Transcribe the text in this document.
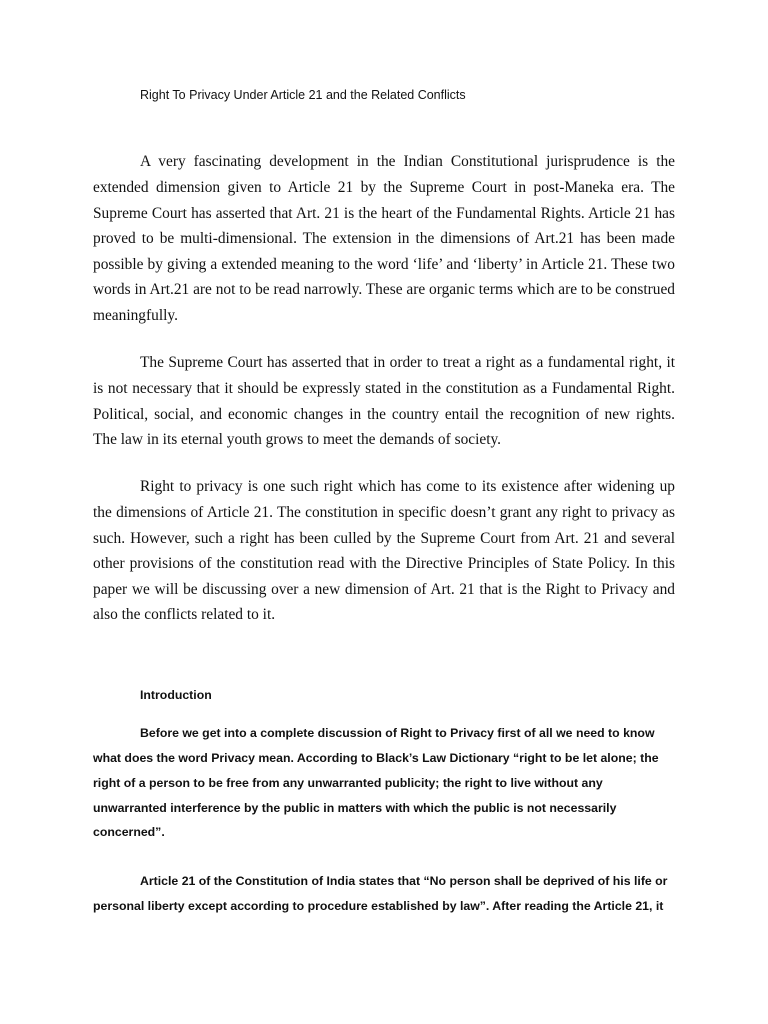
Right To Privacy Under Article 21 and the Related Conflicts

A very fascinating development in the Indian Constitutional jurisprudence is the extended dimension given to Article 21 by the Supreme Court in post-Maneka era. The Supreme Court has asserted that Art. 21 is the heart of the Fundamental Rights. Article 21 has proved to be multi-dimensional. The extension in the dimensions of Art.21 has been made possible by giving a extended meaning to the word ‘life’ and ‘liberty’ in Article 21. These two words in Art.21 are not to be read narrowly. These are organic terms which are to be construed meaningfully.

The Supreme Court has asserted that in order to treat a right as a fundamental right, it is not necessary that it should be expressly stated in the constitution as a Fundamental Right. Political, social, and economic changes in the country entail the recognition of new rights. The law in its eternal youth grows to meet the demands of society.

Right to privacy is one such right which has come to its existence after widening up the dimensions of Article 21. The constitution in specific doesn’t grant any right to privacy as such. However, such a right has been culled by the Supreme Court from Art. 21 and several other provisions of the constitution read with the Directive Principles of State Policy. In this paper we will be discussing over a new dimension of Art. 21 that is the Right to Privacy and also the conflicts related to it.

Introduction

Before we get into a complete discussion of Right to Privacy first of all we need to know what does the word Privacy mean. According to Black’s Law Dictionary “right to be let alone; the right of a person to be free from any unwarranted publicity; the right to live without any unwarranted interference by the public in matters with which the public is not necessarily concerned”.

Article 21 of the Constitution of India states that “No person shall be deprived of his life or personal liberty except according to procedure established by law”. After reading the Article 21, it
